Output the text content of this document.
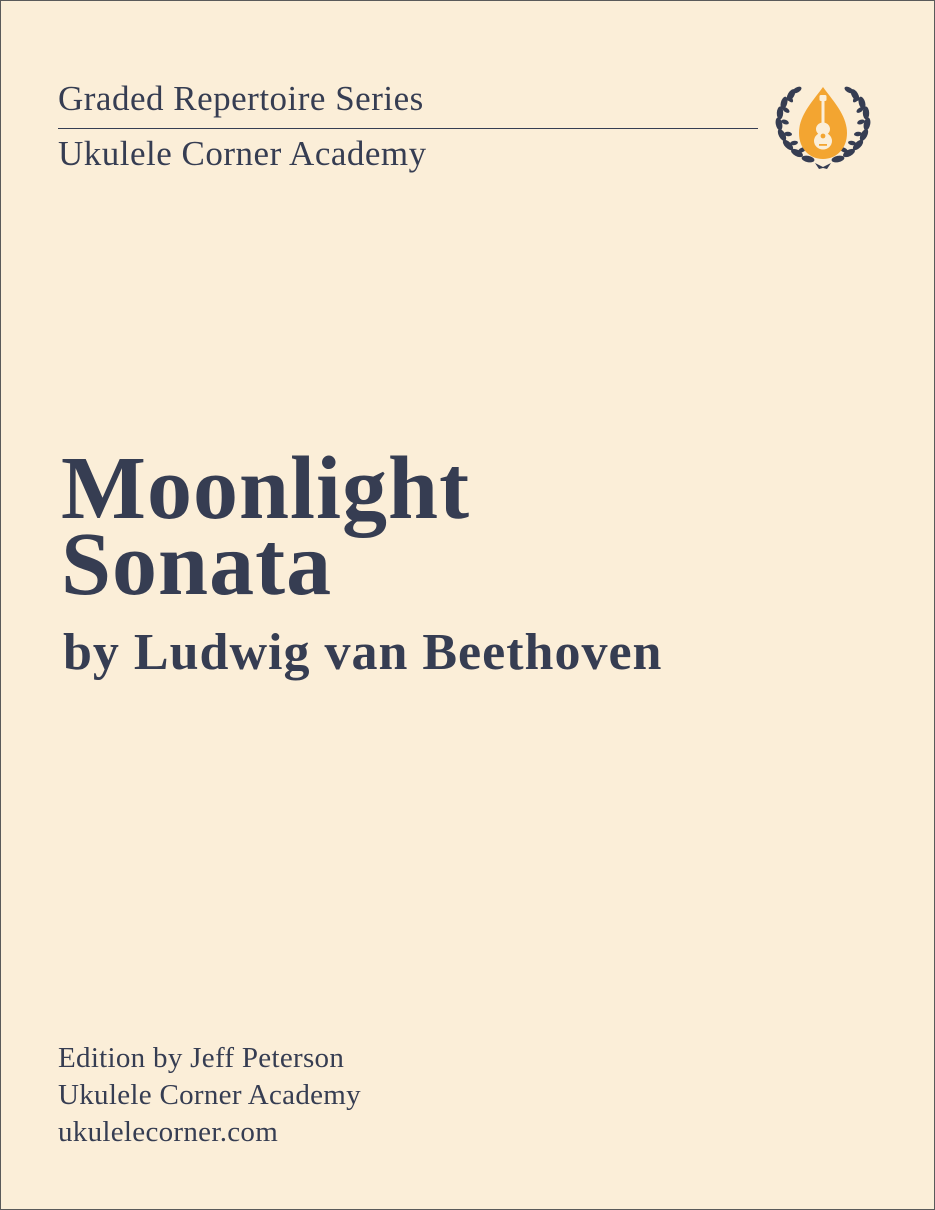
Graded Repertoire Series
Ukulele Corner Academy
Moonlight
Sonata
by Ludwig van Beethoven
Edition by Jeff Peterson
Ukulele Corner Academy
ukulelecorner.com
